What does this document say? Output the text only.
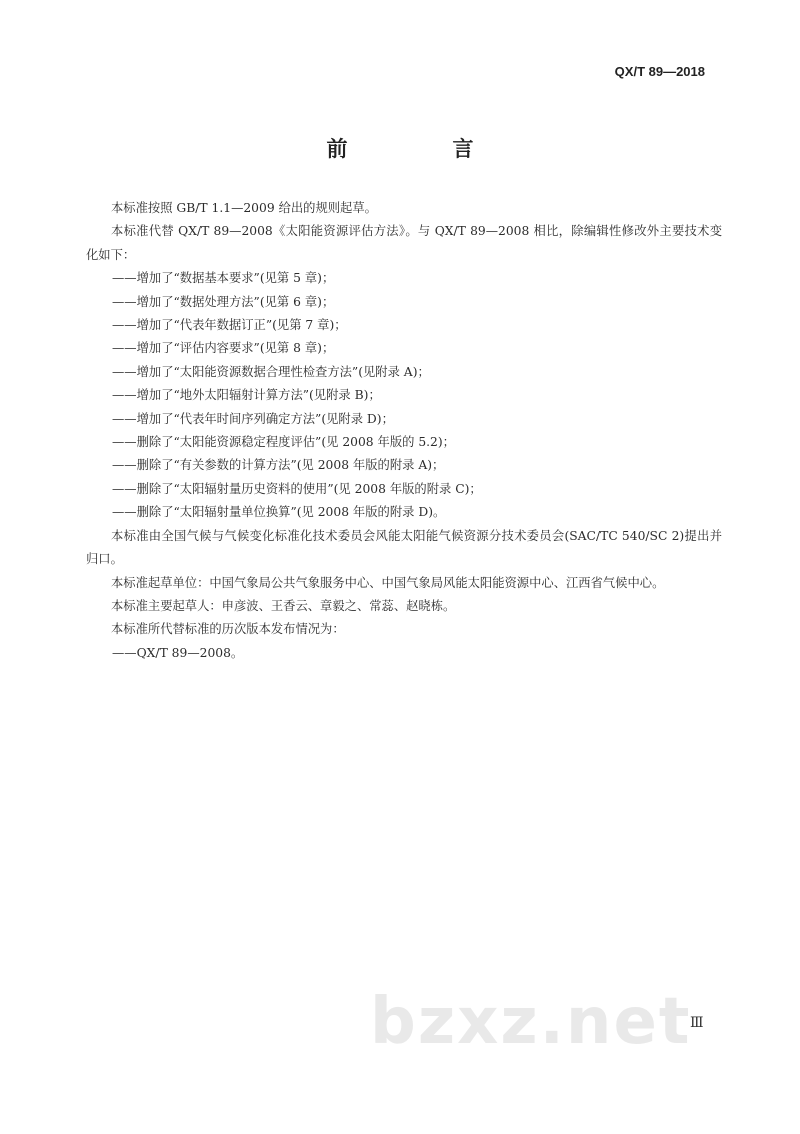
QX/T 89—2018
前　言

本标准按照 GB/T 1.1—2009 给出的规则起草。

本标准代替 QX/T 89—2008《太阳能资源评估方法》。与 QX/T 89—2008 相比，除编辑性修改外主要技术变化如下：

——增加了“数据基本要求”(见第 5 章)；

——增加了“数据处理方法”(见第 6 章)；

——增加了“代表年数据订正”(见第 7 章)；

——增加了“评估内容要求”(见第 8 章)；

——增加了“太阳能资源数据合理性检查方法”(见附录 A)；

——增加了“地外太阳辐射计算方法”(见附录 B)；

——增加了“代表年时间序列确定方法”(见附录 D)；

——删除了“太阳能资源稳定程度评估”(见 2008 年版的 5.2)；

——删除了“有关参数的计算方法”(见 2008 年版的附录 A)；

——删除了“太阳辐射量历史资料的使用”(见 2008 年版的附录 C)；

——删除了“太阳辐射量单位换算”(见 2008 年版的附录 D)。

本标准由全国气候与气候变化标准化技术委员会风能太阳能气候资源分技术委员会(SAC/TC 540/SC 2)提出并归口。

本标准起草单位：中国气象局公共气象服务中心、中国气象局风能太阳能资源中心、江西省气候中心。

本标准主要起草人：申彦波、王香云、章毅之、常蕊、赵晓栋。

本标准所代替标准的历次版本发布情况为：

——QX/T 89—2008。

bzxz.net
Ⅲ
